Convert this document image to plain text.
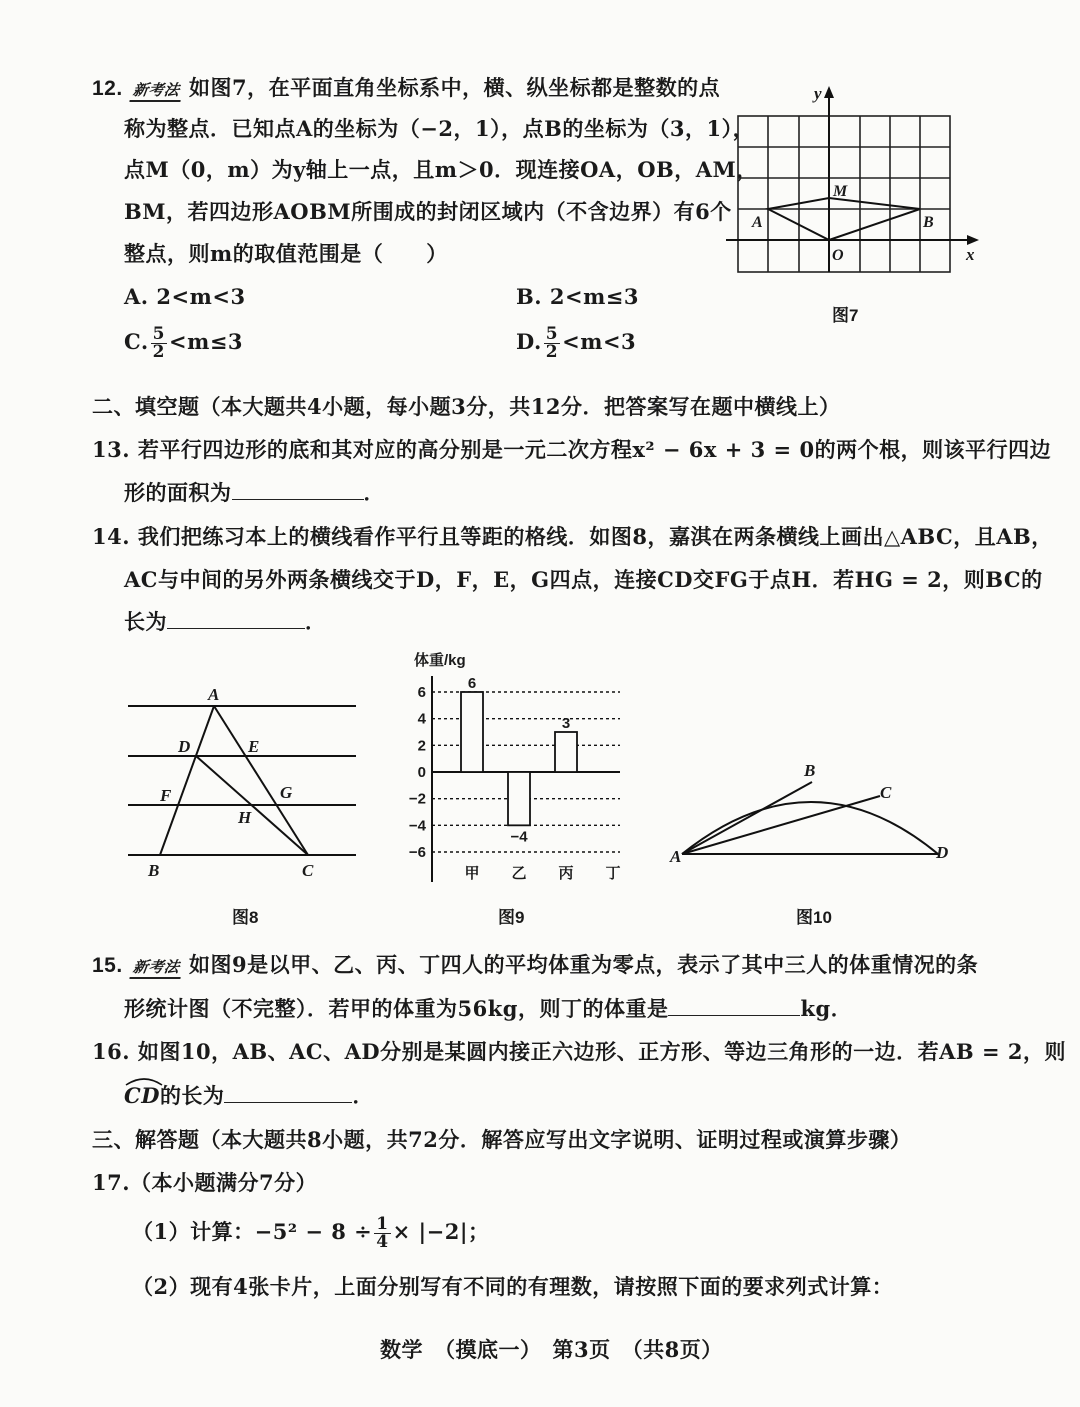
12. 新考法 如图7，在平面直角坐标系中，横、纵坐标都是整数的点
称为整点．已知点A的坐标为（−2，1），点B的坐标为（3，1），
点M（0，m）为y轴上一点，且m＞0．现连接OA，OB，AM，
BM，若四边形AOBM所围成的封闭区域内（不含边界）有6个
整点，则m的取值范围是（　　）
A. 2<m<3	B. 2<m≤3
C. $\frac{5}{2} <m\le 3$	D. $\frac{5}{2} <m<3$
y
x
M
A	B
O
图7
二、填空题（本大题共4小题，每小题3分，共12分．把答案写在题中横线上）
13. 若平行四边形的底和其对应的高分别是一元二次方程x² − 6x + 3 = 0的两个根，则该平行四边
形的面积为	．
14. 我们把练习本上的横线看作平行且等距的格线．如图8，嘉淇在两条横线上画出△ABC，且AB，
AC与中间的另外两条横线交于D，F，E，G四点，连接CD交FG于点H．若HG = 2，则BC的
长为	．
A
D	E
F	G
H
B	C
图8
体重/kg
6
4
2
0
−2
−4
−6
6
−4
3
甲 乙 丙 丁
图9
A
B
C
D
图10
15. 新考法 如图9是以甲、乙、丙、丁四人的平均体重为零点，表示了其中三人的体重情况的条
形统计图（不完整）．若甲的体重为56kg，则丁的体重是	kg．
16. 如图10，AB、AC、AD分别是某圆内接正六边形、正方形、等边三角形的一边．若AB = 2，则
CD的长为	．
三、解答题（本大题共8小题，共72分．解答应写出文字说明、证明过程或演算步骤）
17.（本小题满分7分）
（1）计算：$-5^2 - 8 \div \frac{1}{4} \times |-2|$；
（2）现有4张卡片，上面分别写有不同的有理数，请按照下面的要求列式计算：
数学　（摸底一）　第3页　（共8页）
